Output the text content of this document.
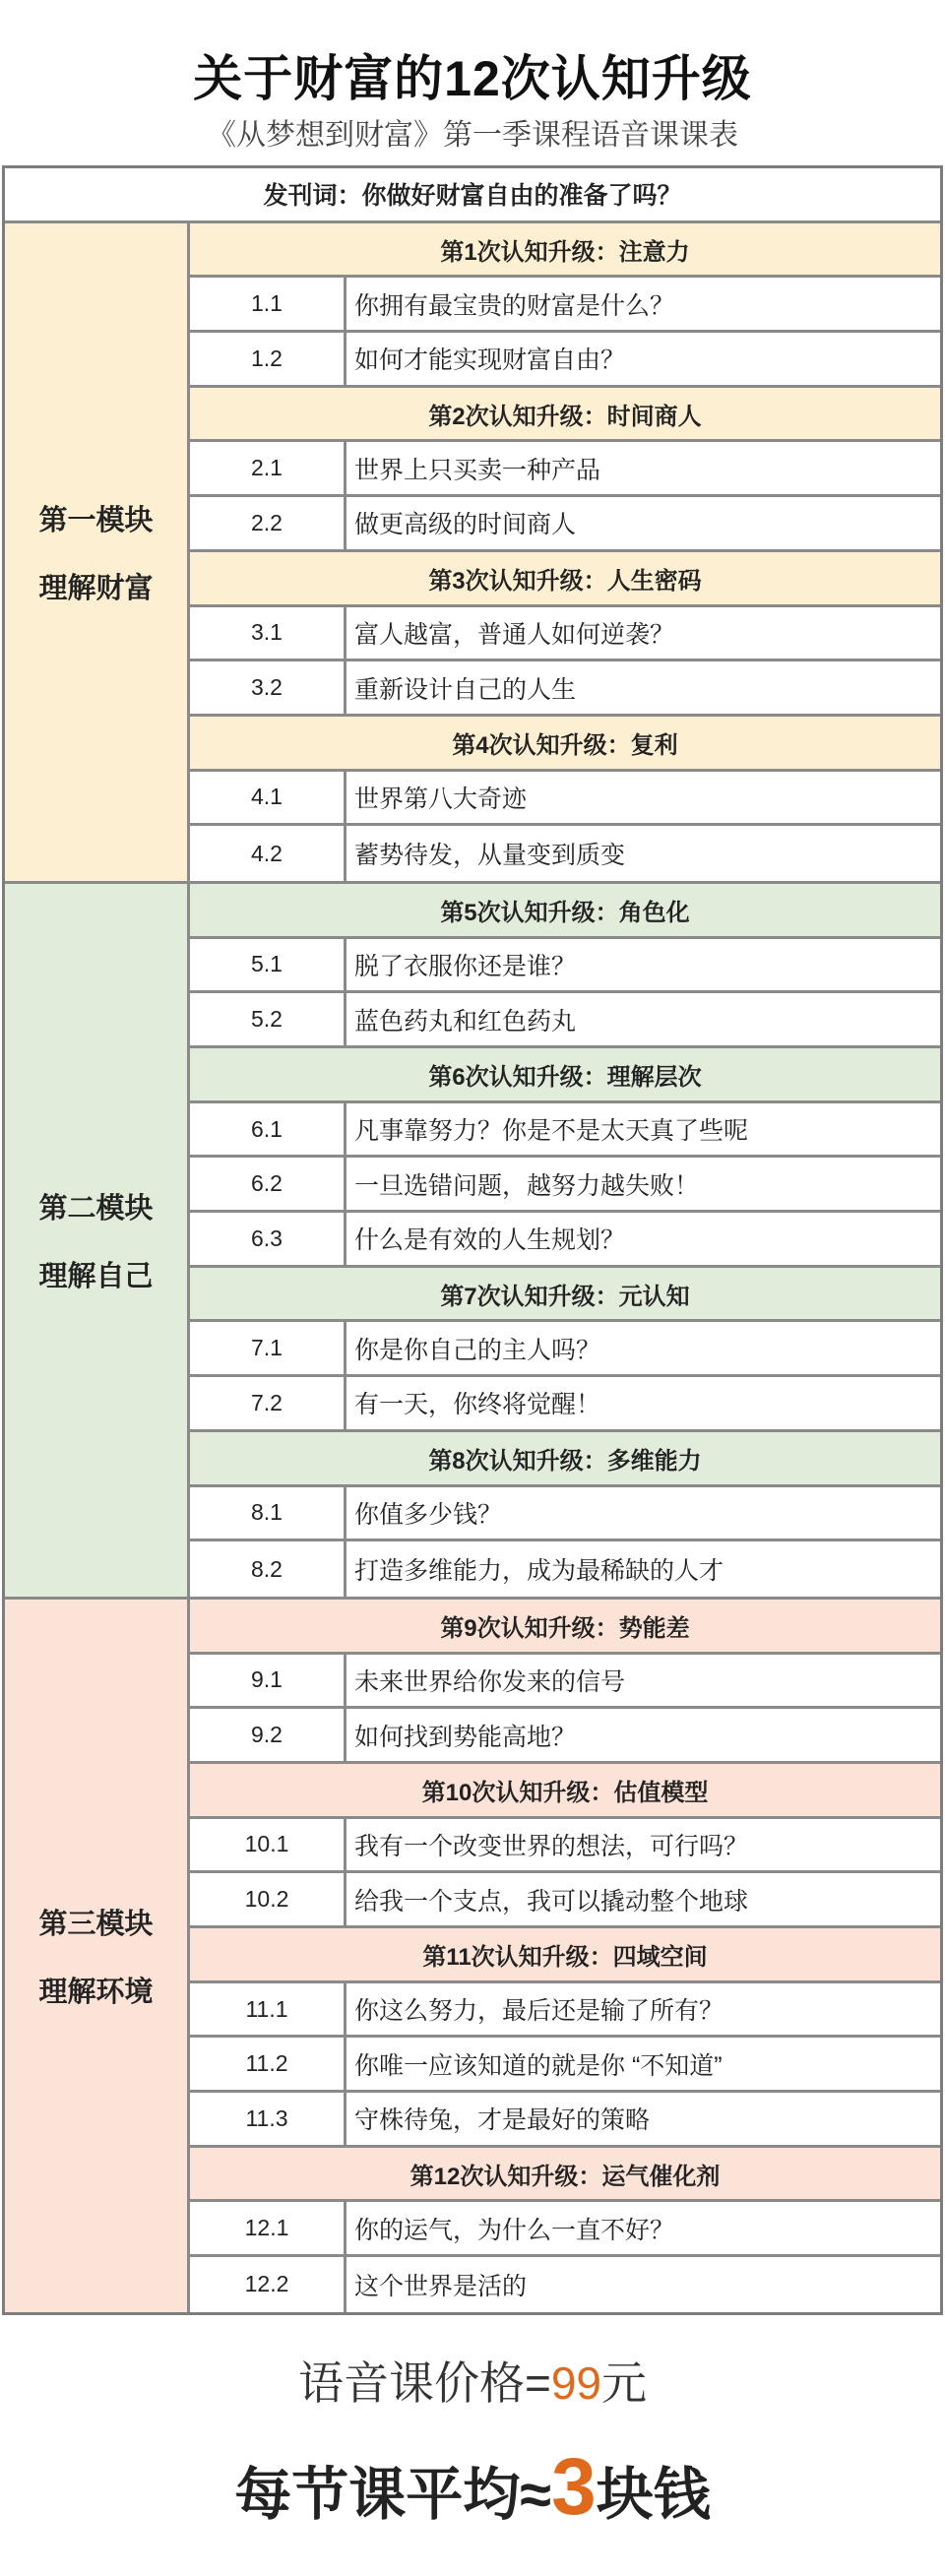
关于财富的12次认知升级
《从梦想到财富》第一季课程语音课课表
发刊词：你做好财富自由的准备了吗？
第一模块
理解财富
第1次认知升级：注意力
1.1	你拥有最宝贵的财富是什么？
1.2	如何才能实现财富自由？
第2次认知升级：时间商人
2.1	世界上只买卖一种产品
2.2	做更高级的时间商人
第3次认知升级：人生密码
3.1	富人越富，普通人如何逆袭？
3.2	重新设计自己的人生
第4次认知升级：复利
4.1	世界第八大奇迹
4.2	蓄势待发，从量变到质变
第二模块
理解自己
第5次认知升级：角色化
5.1	脱了衣服你还是谁？
5.2	蓝色药丸和红色药丸
第6次认知升级：理解层次
6.1	凡事靠努力？你是不是太天真了些呢
6.2	一旦选错问题，越努力越失败！
6.3	什么是有效的人生规划？
第7次认知升级：元认知
7.1	你是你自己的主人吗？
7.2	有一天，你终将觉醒！
第8次认知升级：多维能力
8.1	你值多少钱？
8.2	打造多维能力，成为最稀缺的人才
第三模块
理解环境
第9次认知升级：势能差
9.1	未来世界给你发来的信号
9.2	如何找到势能高地？
第10次认知升级：估值模型
10.1	我有一个改变世界的想法，可行吗？
10.2	给我一个支点，我可以撬动整个地球
第11次认知升级：四域空间
11.1	你这么努力，最后还是输了所有？
11.2	你唯一应该知道的就是你 “不知道”
11.3	守株待兔，才是最好的策略
第12次认知升级：运气催化剂
12.1	你的运气，为什么一直不好？
12.2	这个世界是活的
语音课价格=99元
每节课平均≈3块钱
